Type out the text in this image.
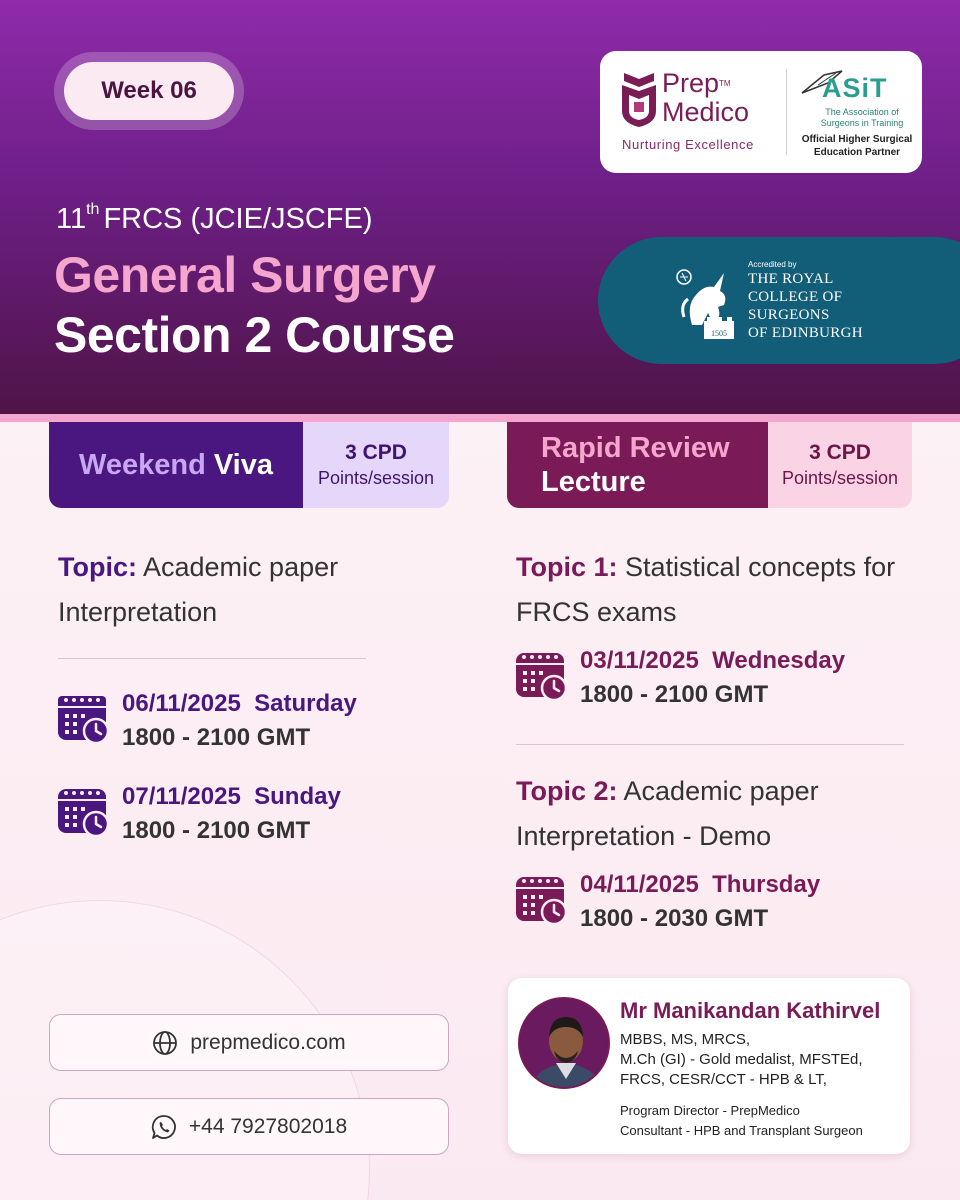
Week 06
11th FRCS (JCIE/JSCFE)
General Surgery
Section 2 Course
Prep™
Medico
Nurturing Excellence
ASiT
The Association of Surgeons in Training
Official Higher Surgical Education Partner
1505
Accredited by
THE ROYAL
COLLEGE OF
SURGEONS
OF EDINBURGH
Weekend Viva	3 CPD
Points/session
Topic: Academic paper Interpretation
06/11/2025 Saturday
1800 - 2100 GMT
07/11/2025 Sunday
1800 - 2100 GMT
Rapid Review
Lecture
3 CPD
Points/session
Topic 1: Statistical concepts for FRCS exams
03/11/2025 Wednesday
1800 - 2100 GMT
Topic 2: Academic paper Interpretation - Demo
04/11/2025 Thursday
1800 - 2030 GMT
prepmedico.com
+44 7927802018
Mr Manikandan Kathirvel
MBBS, MS, MRCS,
M.Ch (GI) - Gold medalist, MFSTEd,
FRCS, CESR/CCT - HPB & LT,
Program Director - PrepMedico
Consultant - HPB and Transplant Surgeon
